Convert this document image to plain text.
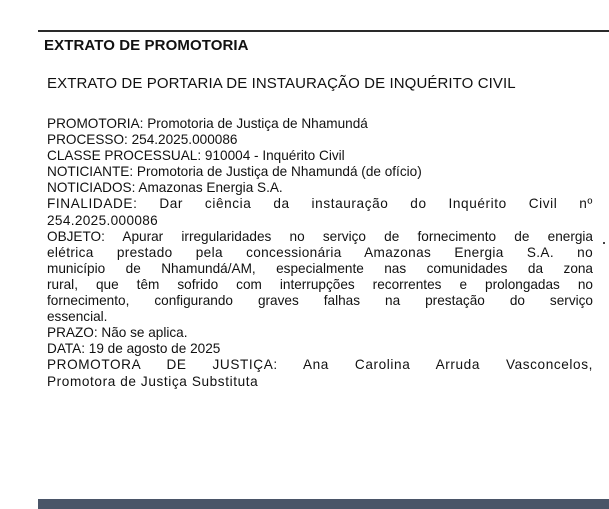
EXTRATO DE PROMOTORIA
EXTRATO DE PORTARIA DE INSTAURAÇÃO DE INQUÉRITO CIVIL
PROMOTORIA: Promotoria de Justiça de Nhamundá
PROCESSO: 254.2025.000086
CLASSE PROCESSUAL: 910004 - Inquérito Civil
NOTICIANTE: Promotoria de Justiça de Nhamundá (de ofício)
NOTICIADOS: Amazonas Energia S.A.
FINALIDADE: Dar ciência da instauração do Inquérito Civil nº
254.2025.000086
OBJETO: Apurar irregularidades no serviço de fornecimento de energia
elétrica prestado pela concessionária Amazonas Energia S.A. no
município de Nhamundá/AM, especialmente nas comunidades da zona
rural, que têm sofrido com interrupções recorrentes e prolongadas no
fornecimento, configurando graves falhas na prestação do serviço
essencial.
PRAZO: Não se aplica.
DATA: 19 de agosto de 2025
PROMOTORA DE JUSTIÇA: Ana Carolina Arruda Vasconcelos,
Promotora de Justiça Substituta
